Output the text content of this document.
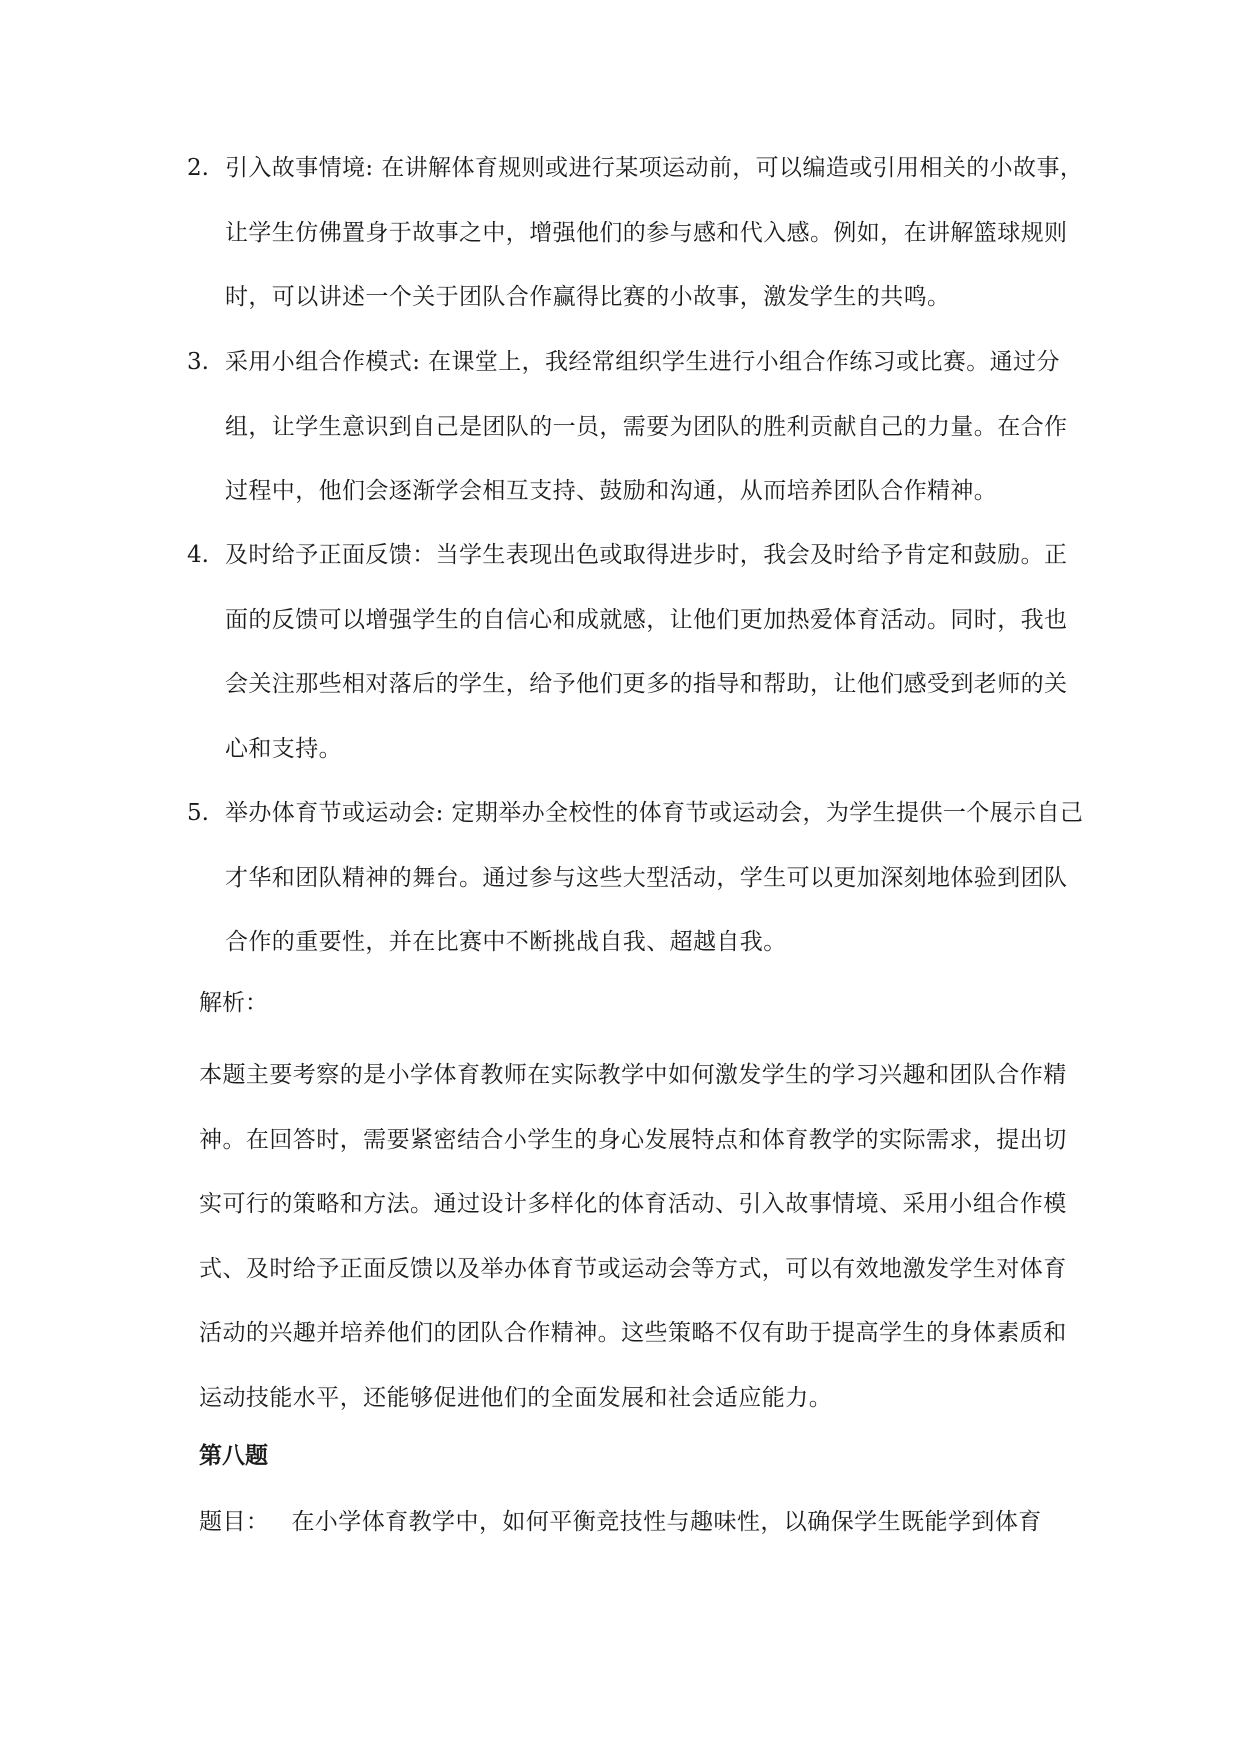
2. 引入故事情境: 在讲解体育规则或进行某项运动前，可以编造或引用相关的小故事，让学生仿佛置身于故事之中，增强他们的参与感和代入感。例如，在讲解篮球规则时，可以讲述一个关于团队合作赢得比赛的小故事，激发学生的共鸣。
3. 采用小组合作模式: 在课堂上，我经常组织学生进行小组合作练习或比赛。通过分组，让学生意识到自己是团队的一员，需要为团队的胜利贡献自己的力量。在合作过程中，他们会逐渐学会相互支持、鼓励和沟通，从而培养团队合作精神。
4. 及时给予正面反馈：当学生表现出色或取得进步时，我会及时给予肯定和鼓励。正面的反馈可以增强学生的自信心和成就感，让他们更加热爱体育活动。同时，我也会关注那些相对落后的学生，给予他们更多的指导和帮助，让他们感受到老师的关心和支持。
5. 举办体育节或运动会: 定期举办全校性的体育节或运动会，为学生提供一个展示自己才华和团队精神的舞台。通过参与这些大型活动，学生可以更加深刻地体验到团队合作的重要性，并在比赛中不断挑战自我、超越自我。
解析：
本题主要考察的是小学体育教师在实际教学中如何激发学生的学习兴趣和团队合作精神。在回答时，需要紧密结合小学生的身心发展特点和体育教学的实际需求，提出切实可行的策略和方法。通过设计多样化的体育活动、引入故事情境、采用小组合作模式、及时给予正面反馈以及举办体育节或运动会等方式，可以有效地激发学生对体育活动的兴趣并培养他们的团队合作精神。这些策略不仅有助于提高学生的身体素质和运动技能水平，还能够促进他们的全面发展和社会适应能力。
第八题
题目： 在小学体育教学中，如何平衡竞技性与趣味性，以确保学生既能学到体育
